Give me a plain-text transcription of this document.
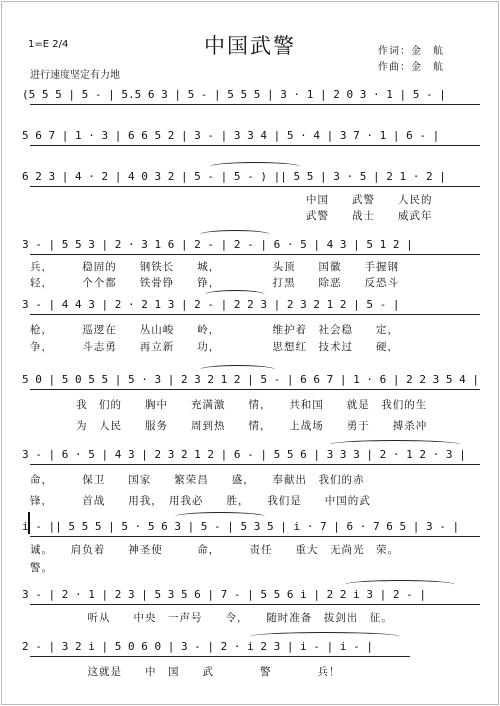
中国武警
1=E 2/4
进行速度坚定有力地
作词：金　航
作曲：金　航
(5 5 5 | 5 - | 5.5 6 3 | 5 - | 5 5 5 | 3 · 1 | 2 0 3 · 1 | 5 - |
5 6 7 | 1 · 3 | 6 6 5 2 | 3 - | 3 3 4 | 5 · 4 | 3 7 · 1 | 6 - |
6 2 3 | 4 · 2 | 4 0 3 2 | 5 - | 5 - ) || 5 5 | 3 · 5 | 2 1 · 2 |
　　　　　　　　　　　　　　　　　　　　　　　　中国　　武警　　人民的
　　　　　　　　　　　　　　　　　　　　　　　　武警　　战士　　威武年
3 - | 5 5 3 | 2 · 3 1 6 | 2 - | 2 - | 6 · 5 | 4 3 | 5 1 2 |
兵，　　　稳固的　　钢铁长　　城，　　　　　头顶　　国徽　　手握钢
轻，　　　个个都　　铁骨铮　　铮，　　　　　打黑　　除恶　　反恐斗
3 - | 4 4 3 | 2 · 2 1 3 | 2 - | 2 2 3 | 2 3 2 1 2 | 5 - |
枪，　　　巡逻在　　丛山峻　　岭，　　　　　维护着　社会稳　　定，
争，　　　斗志勇　　再立新　　功，　　　　　思想红　技术过　　硬，
5 0 | 5 0 5 5 | 5 · 3 | 2 3 2 1 2 | 5 - | 6 6 7 | 1 · 6 | 2 2 3 5 4 |
　　　　我　们的　　胸中　　充满激　　情，　　共和国　　就是　我们的生
　　　　为　人民　　服务　　周到热　　情，　　上战场　　勇于　　搏杀冲
3 - | 6 · 5 | 4 3 | 2 3 2 1 2 | 6 - | 5 5 6 | 3 3 3 | 2 · 1 2 · 3 |
命，　　　保卫　　国家　　繁荣昌　　盛，　　奉献出　我们的赤
锋，　　　首战　　用我，　用我必　　胜，　　我们是　　中国的武
i - || 5 5 5 | 5 · 5 6 3 | 5 - | 5 3 5 | i · 7 | 6 · 7 6 5 | 3 - |
诚。　　肩负着　　神圣使　　　命，　　　责任　　重大　无尚光　荣。
警。
3 - | 2 · 1 | 2 3 | 5 3 5 6 | 7 - | 5 5 6 i | 2 2 i 3 | 2 - |
　　　　　听从　　中央　一声号　　令，　　随时准备　拔剑出　征。
2 - | 3 2 i | 5 0 6 0 | 3 - | 2 · i 2 3 | i - | i - |
　　　　　这就是　　中　国　　武　　　　警　　　　兵！
